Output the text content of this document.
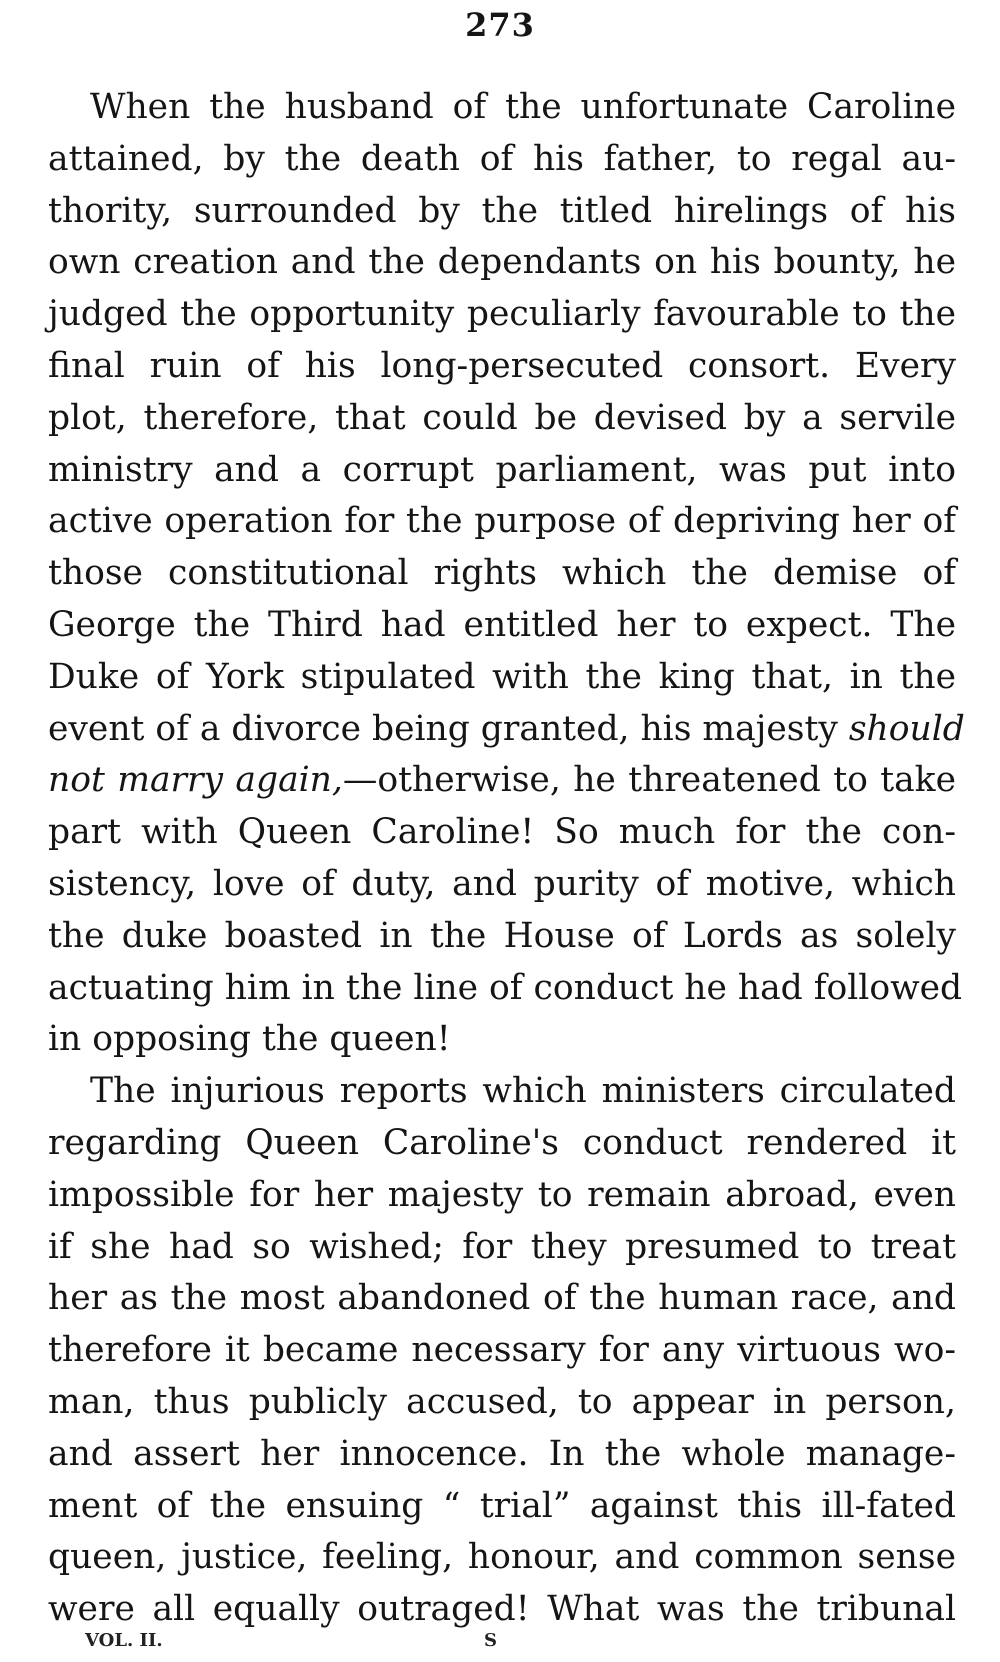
273
When the husband of the unfortunate Caroline
attained, by the death of his father, to regal au-
thority, surrounded by the titled hirelings of his
own creation and the dependants on his bounty, he
judged the opportunity peculiarly favourable to the
final ruin of his long-persecuted consort. Every
plot, therefore, that could be devised by a servile
ministry and a corrupt parliament, was put into
active operation for the purpose of depriving her of
those constitutional rights which the demise of
George the Third had entitled her to expect. The
Duke of York stipulated with the king that, in the
event of a divorce being granted, his majesty should
not marry again,—otherwise, he threatened to take
part with Queen Caroline! So much for the con-
sistency, love of duty, and purity of motive, which
the duke boasted in the House of Lords as solely
actuating him in the line of conduct he had followed
in opposing the queen!
The injurious reports which ministers circulated
regarding Queen Caroline's conduct rendered it
impossible for her majesty to remain abroad, even
if she had so wished; for they presumed to treat
her as the most abandoned of the human race, and
therefore it became necessary for any virtuous wo-
man, thus publicly accused, to appear in person,
and assert her innocence. In the whole manage-
ment of the ensuing “ trial” against this ill-fated
queen, justice, feeling, honour, and common sense
were all equally outraged! What was the tribunal
VOL. II.	S
